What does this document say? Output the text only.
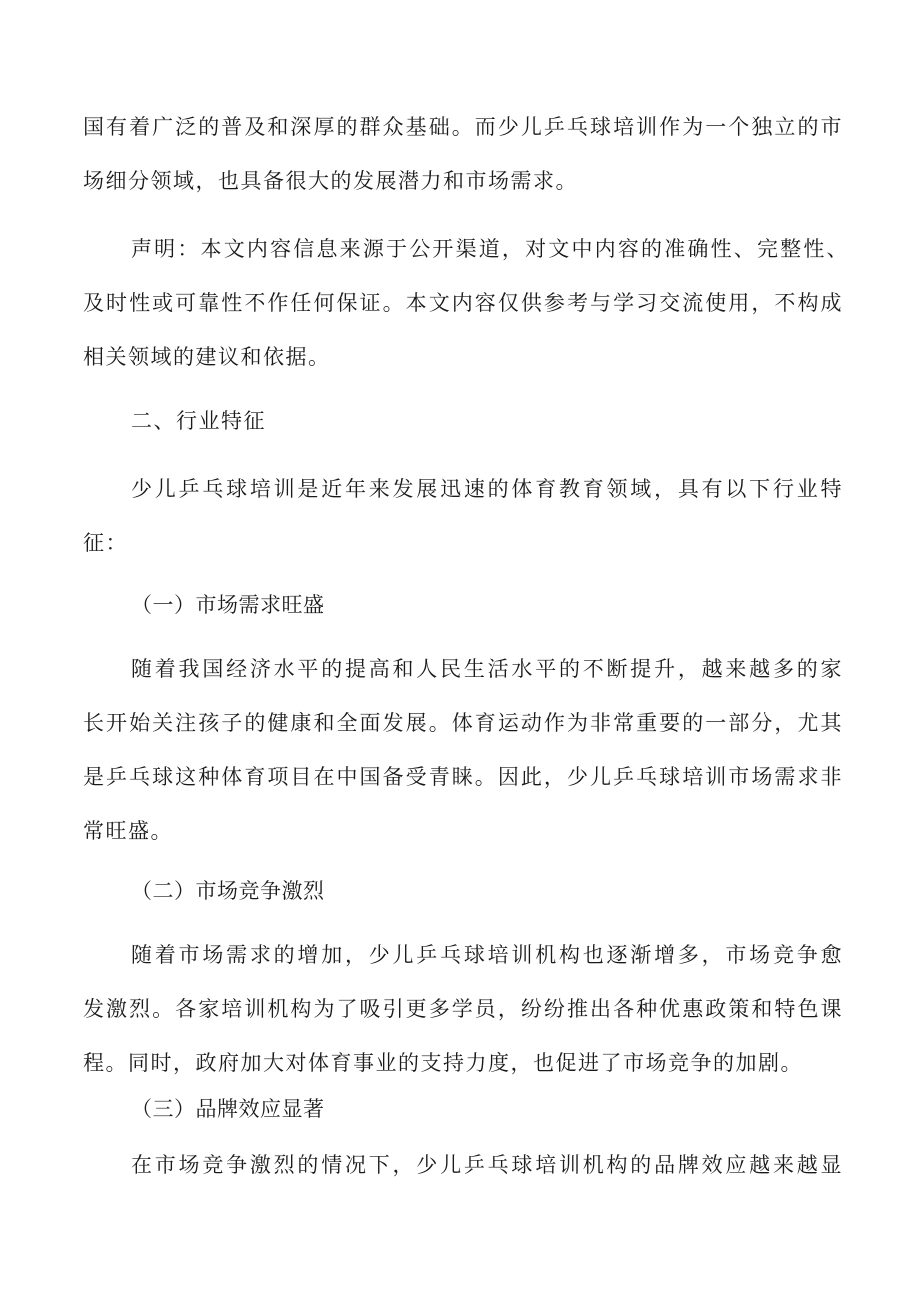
国有着广泛的普及和深厚的群众基础。而少儿乒乓球培训作为一个独立的市
场细分领域，也具备很大的发展潜力和市场需求。
声明：本文内容信息来源于公开渠道，对文中内容的准确性、完整性、
及时性或可靠性不作任何保证。本文内容仅供参考与学习交流使用，不构成
相关领域的建议和依据。
二、行业特征
少儿乒乓球培训是近年来发展迅速的体育教育领域，具有以下行业特
征：
（一）市场需求旺盛
随着我国经济水平的提高和人民生活水平的不断提升，越来越多的家
长开始关注孩子的健康和全面发展。体育运动作为非常重要的一部分，尤其
是乒乓球这种体育项目在中国备受青睐。因此，少儿乒乓球培训市场需求非
常旺盛。
（二）市场竞争激烈
随着市场需求的增加，少儿乒乓球培训机构也逐渐增多，市场竞争愈
发激烈。各家培训机构为了吸引更多学员，纷纷推出各种优惠政策和特色课
程。同时，政府加大对体育事业的支持力度，也促进了市场竞争的加剧。
（三）品牌效应显著
在市场竞争激烈的情况下，少儿乒乓球培训机构的品牌效应越来越显
